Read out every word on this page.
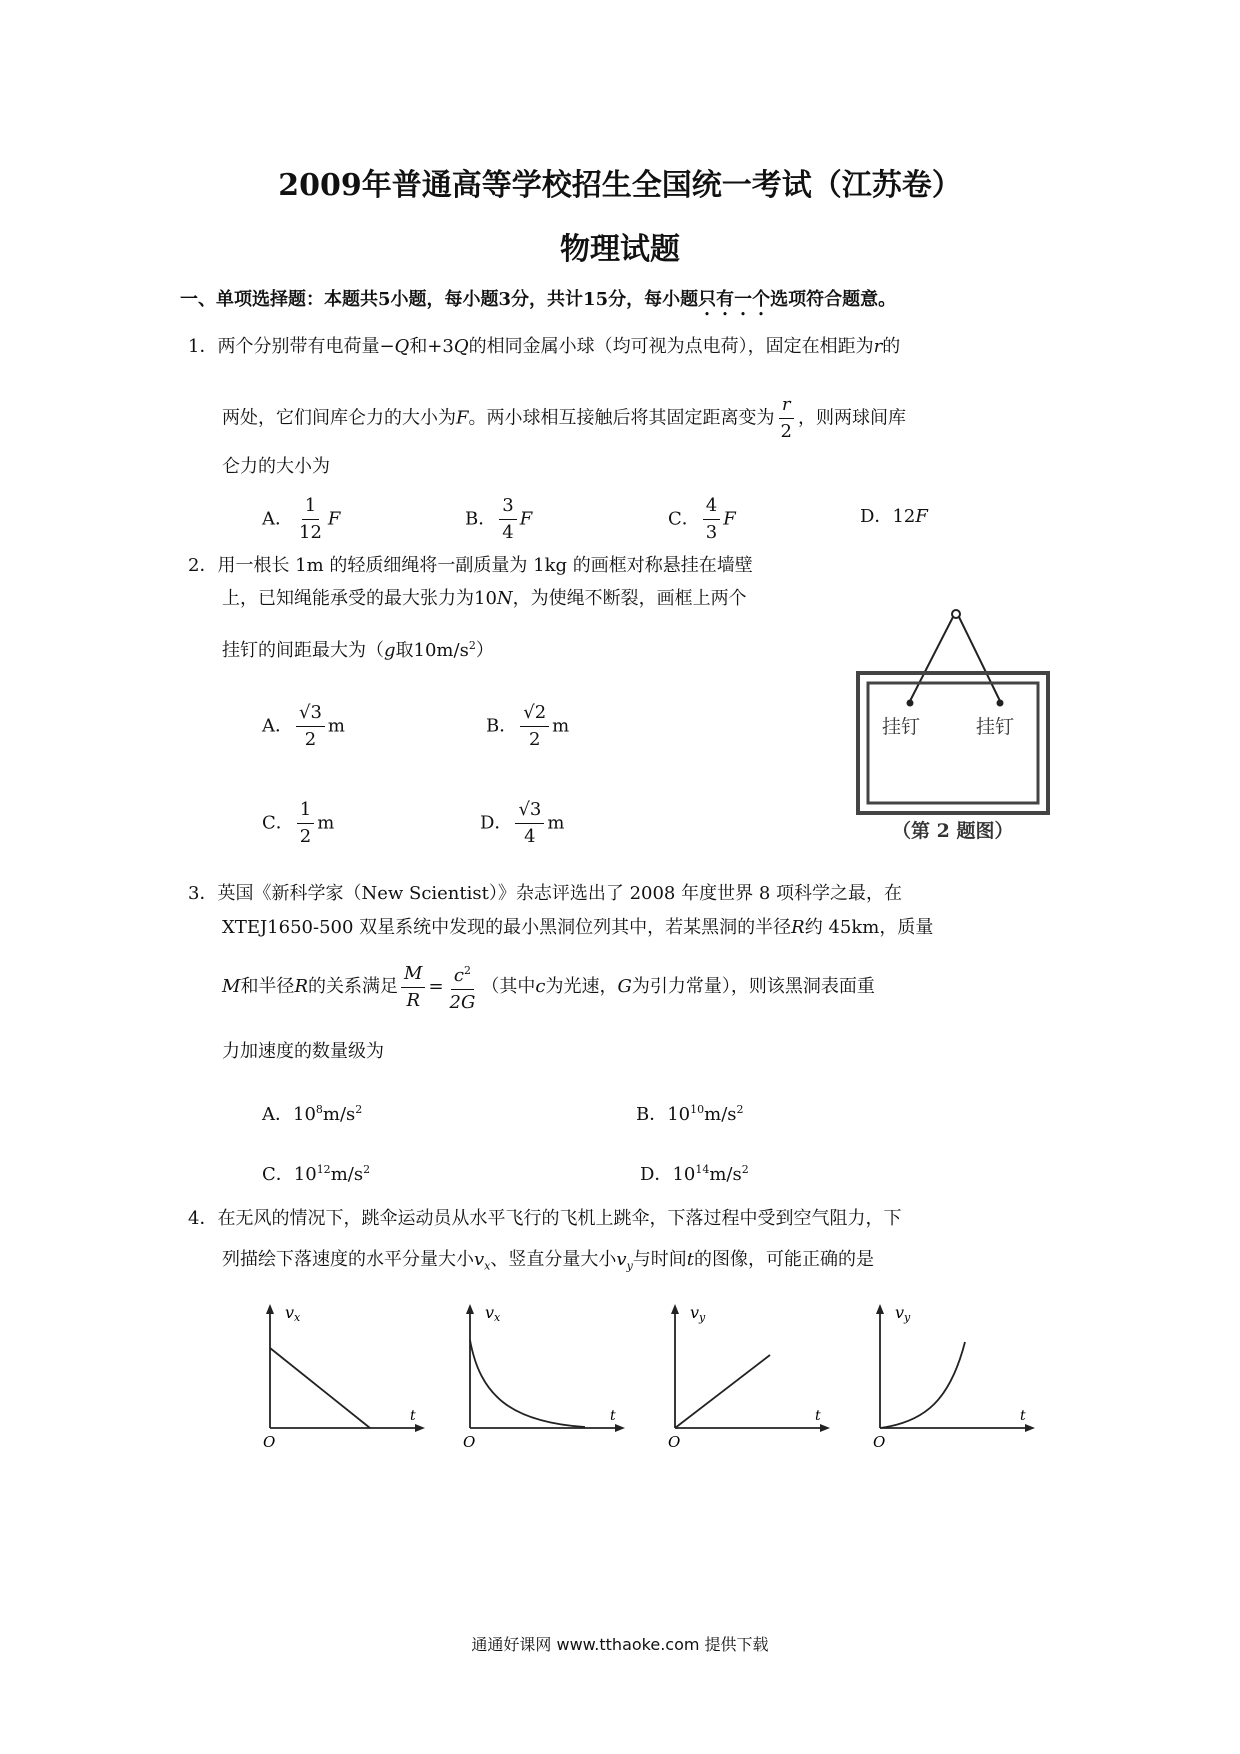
2009年普通高等学校招生全国统一考试（江苏卷）
物理试题
一、单项选择题：本题共5小题，每小题3分，共计15分，每小题只有一个选项符合题意。
1．两个分别带有电荷量−Q和+3Q的相同金属小球（均可视为点电荷），固定在相距为r的
两处，它们间库仑力的大小为F。两小球相互接触后将其固定距离变为 $\frac{r}{2}$ ，则两球间库
仑力的大小为
A． $\frac{1}{12}$ F	B． $\frac{3}{4}$ F	C． $\frac{4}{3}$ F	D．12F
2．用一根长 1m 的轻质细绳将一副质量为 1kg 的画框对称悬挂在墙壁
上，已知绳能承受的最大张力为10N，为使绳不断裂，画框上两个
挂钉的间距最大为（g取$10m/s^2$）
A． $\frac{√3}{2}$ m	B． $\frac{√2}{2}$ m
C． $\frac{1}{2}$ m	D． $\frac{√3}{4}$ m
挂钉	挂钉
（第 2 题图）
3．英国《新科学家（New Scientist）》杂志评选出了 2008 年度世界 8 项科学之最，在
XTEJ1650-500 双星系统中发现的最小黑洞位列其中，若某黑洞的半径R约 45km，质量
M和半径R的关系满足 $\frac{M}{R} = \frac{c^2}{2G}$ （其中c为光速，G为引力常量），则该黑洞表面重
力加速度的数量级为
A．$10^8m/s^2$	B．$10^{10}m/s^2$
C．$10^{12}m/s^2$	D．$10^{14}m/s^2$
4．在无风的情况下，跳伞运动员从水平飞行的飞机上跳伞，下落过程中受到空气阻力，下
列描绘下落速度的水平分量大小$v_x$、竖直分量大小$v_y$与时间t的图像，可能正确的是
vx
t
O
vx
t
O
vy
t
O
vy
t
O
通通好课网 www.tthaoke.com 提供下载
